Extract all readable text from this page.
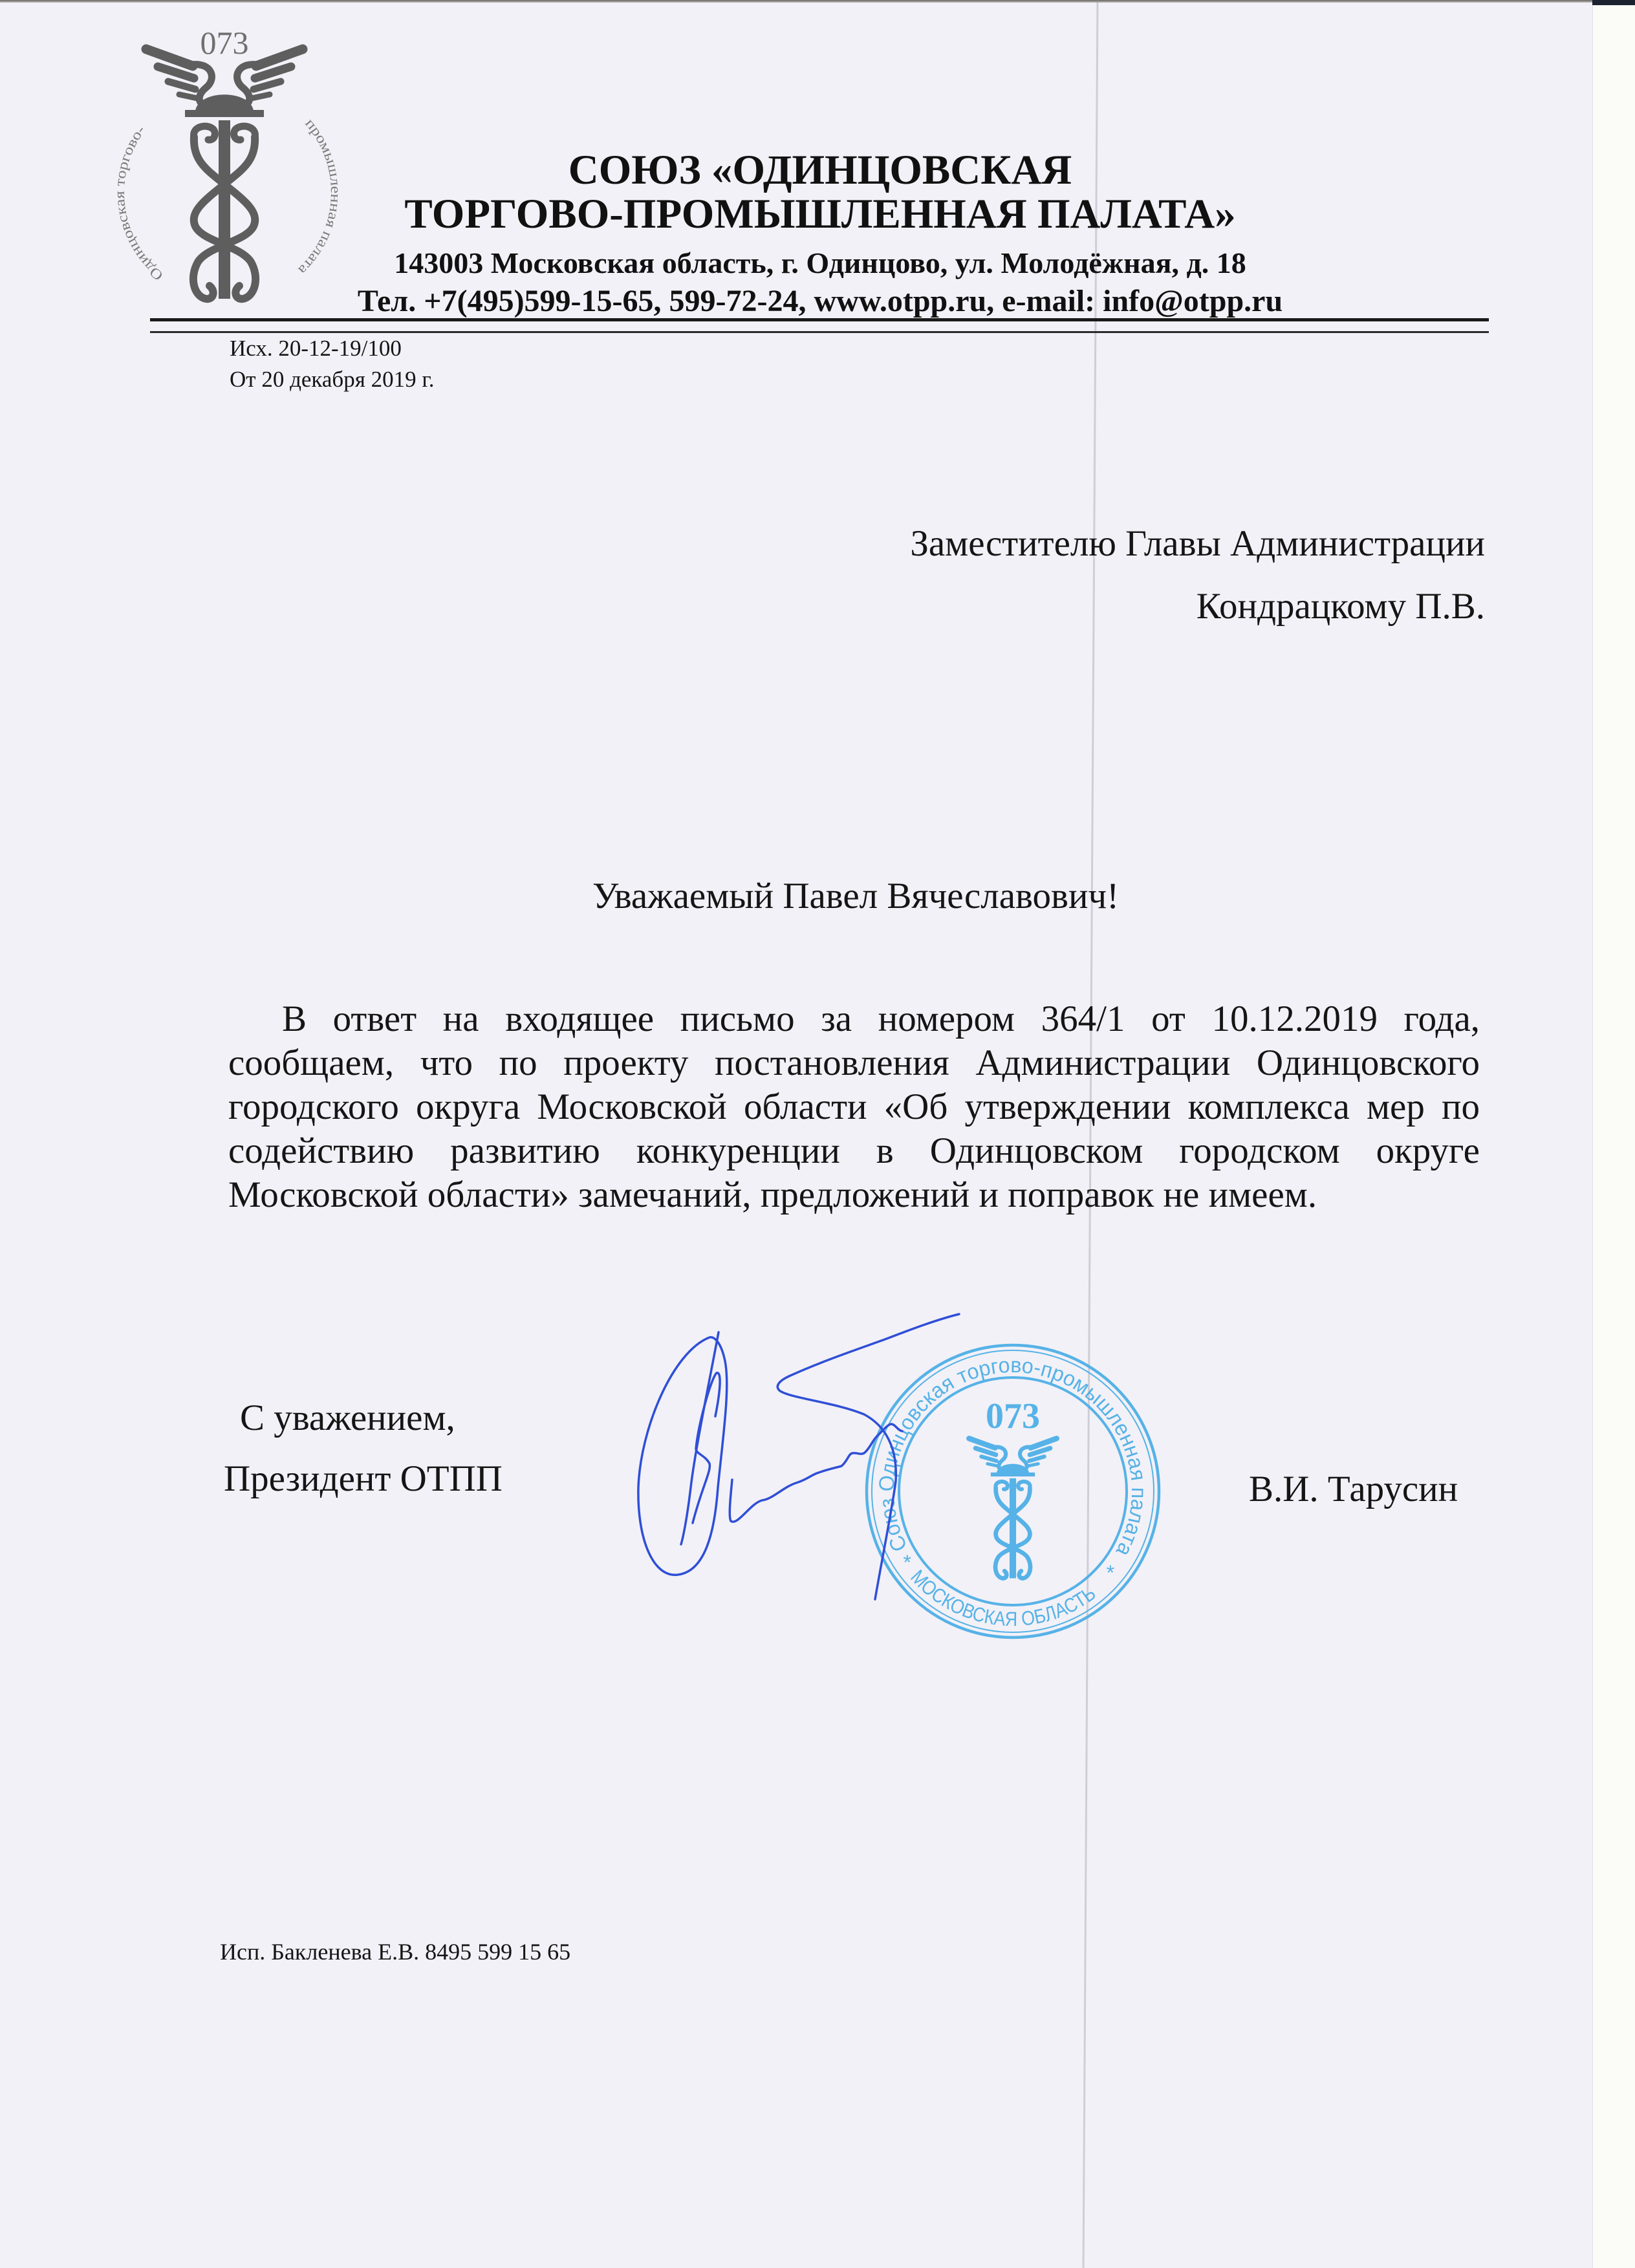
073
Одинцовская торгово-	промышленная палата
СОЮЗ «ОДИНЦОВСКАЯ
ТОРГОВО-ПРОМЫШЛЕННАЯ ПАЛАТА»
143003 Московская область, г. Одинцово, ул. Молодёжная, д. 18
Тел. +7(495)599-15-65, 599-72-24, www.otpp.ru, e-mail: info@otpp.ru
Исх. 20-12-19/100
От 20 декабря 2019 г.
Заместителю Главы Администрации
Кондрацкому П.В.
Уважаемый Павел Вячеславович!
В ответ на входящее письмо за номером 364/1 от 10.12.2019 года,
сообщаем, что по проекту постановления Администрации Одинцовского
городского округа Московской области «Об утверждении комплекса мер по
содействию развитию конкуренции в Одинцовском городском округе
Московской области» замечаний, предложений и поправок не имеем.
С уважением,
Президент ОТПП	В.И. Тарусин
Союз Одинцовская торгово-промышленная палата
МОСКОВСКАЯ ОБЛАСТЬ
*	*
073
Исп. Бакленева Е.В. 8495 599 15 65
